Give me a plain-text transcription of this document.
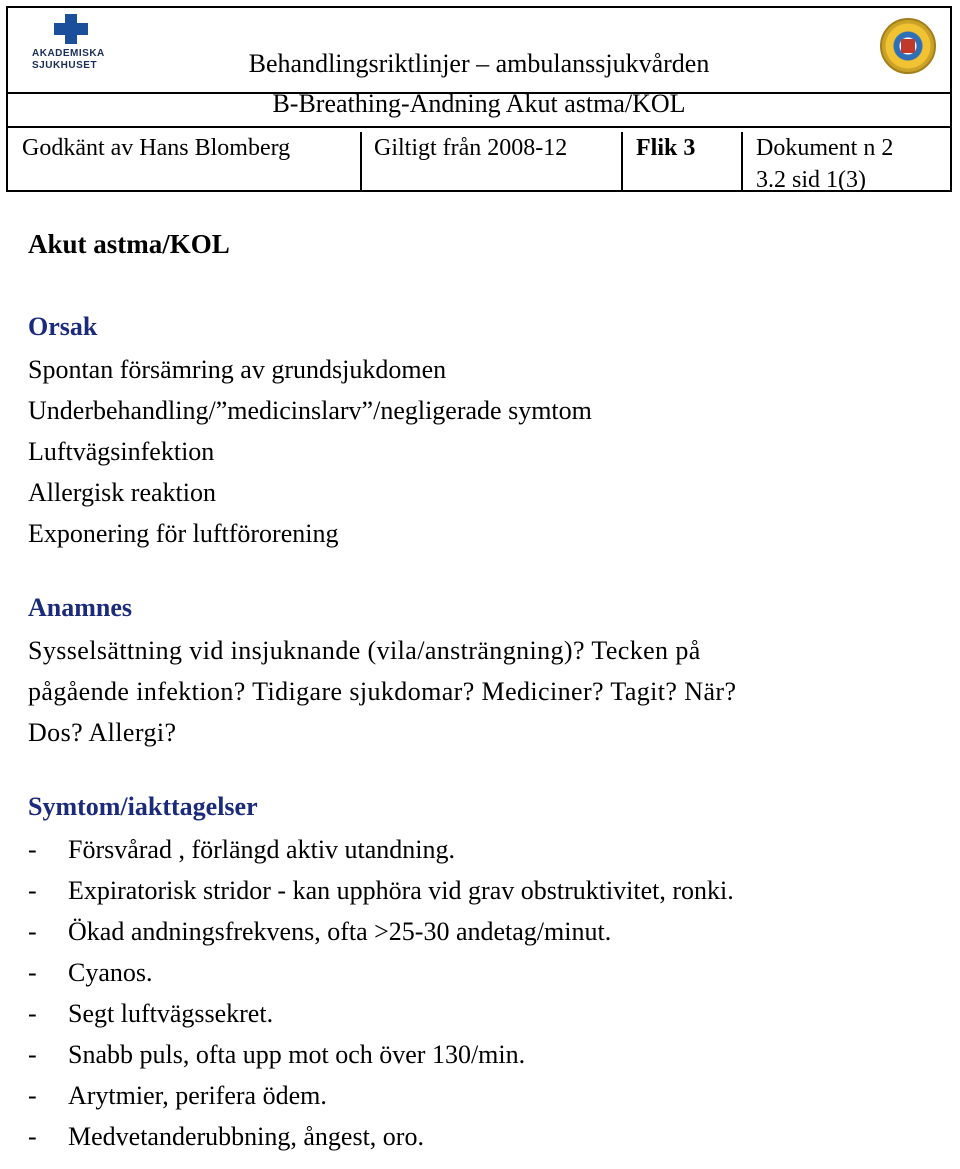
AKADEMISKA
SJUKHUSET	Behandlingsriktlinjer – ambulanssjukvården
B-Breathing-Andning Akut astma/KOL
Godkänt av Hans Blomberg	Giltigt från 2008-12	Flik 3	Dokument n 2
3.2 sid 1(3)
Akut astma/KOL
Orsak

Spontan försämring av grundsjukdomen

Underbehandling/”medicinslarv”/negligerade symtom

Luftvägsinfektion

Allergisk reaktion

Exponering för luftförorening

Anamnes

Sysselsättning vid insjuknande (vila/ansträngning)? Tecken på

pågående infektion? Tidigare sjukdomar? Mediciner? Tagit? När?

Dos? Allergi?

Symtom/iakttagelser
-	Försvårad , förlängd aktiv utandning.
-	Expiratorisk stridor - kan upphöra vid grav obstruktivitet, ronki.
-	Ökad andningsfrekvens, ofta >25-30 andetag/minut.
-	Cyanos.
-	Segt luftvägssekret.
-	Snabb puls, ofta upp mot och över 130/min.
-	Arytmier, perifera ödem.
-	Medvetanderubbning, ångest, oro.
